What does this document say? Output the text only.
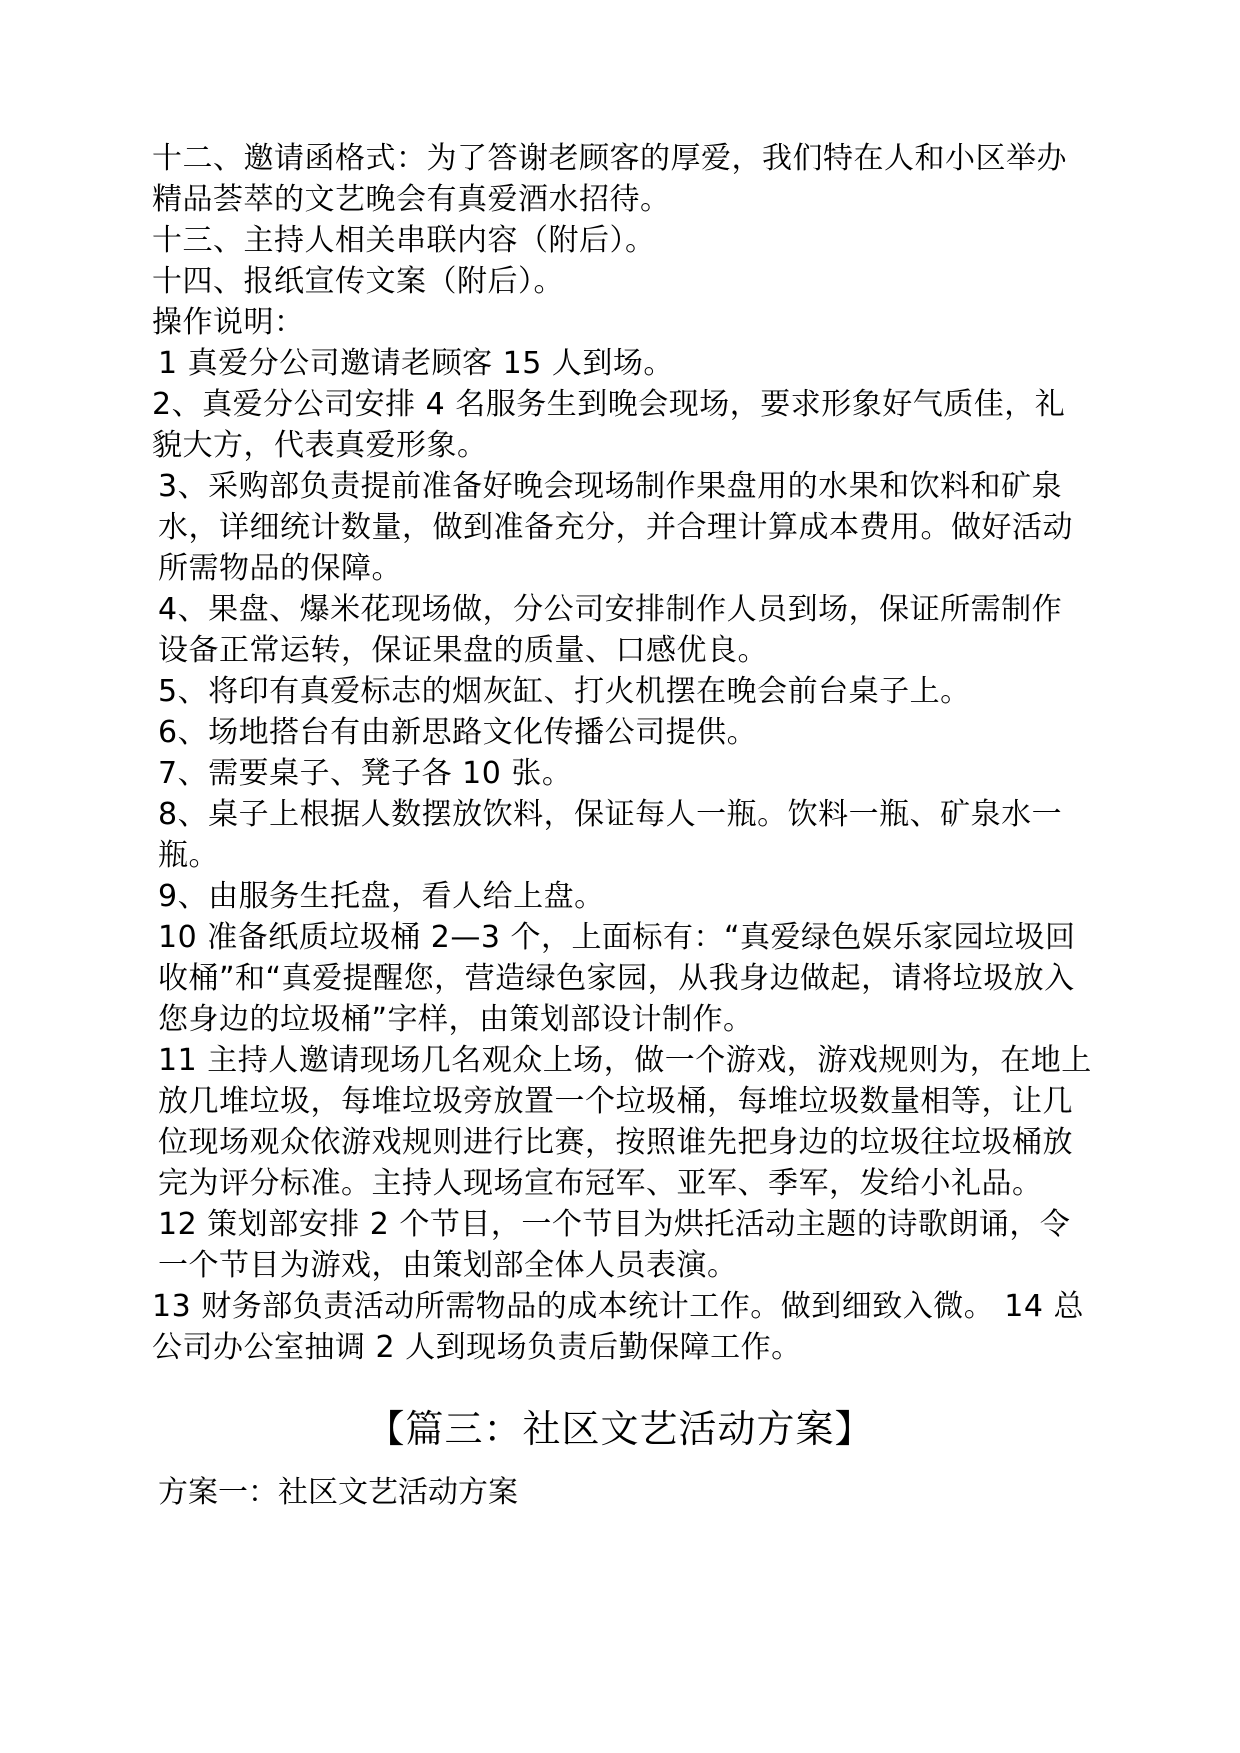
十二、邀请函格式：为了答谢老顾客的厚爱，我们特在人和小区举办精品荟萃的文艺晚会有真爱酒水招待。

十三、主持人相关串联内容（附后）。

十四、报纸宣传文案（附后）。

操作说明：

1 真爱分公司邀请老顾客 15 人到场。

2、真爱分公司安排 4 名服务生到晚会现场，要求形象好气质佳，礼貌大方，代表真爱形象。

3、采购部负责提前准备好晚会现场制作果盘用的水果和饮料和矿泉水，详细统计数量，做到准备充分，并合理计算成本费用。做好活动所需物品的保障。

4、果盘、爆米花现场做，分公司安排制作人员到场，保证所需制作设备正常运转，保证果盘的质量、口感优良。

5、将印有真爱标志的烟灰缸、打火机摆在晚会前台桌子上。

6、场地搭台有由新思路文化传播公司提供。

7、需要桌子、凳子各 10 张。

8、桌子上根据人数摆放饮料，保证每人一瓶。饮料一瓶、矿泉水一瓶。

9、由服务生托盘，看人给上盘。

10 准备纸质垃圾桶 2—3 个，上面标有：“真爱绿色娱乐家园垃圾回收桶”和“真爱提醒您，营造绿色家园，从我身边做起，请将垃圾放入您身边的垃圾桶”字样，由策划部设计制作。

11 主持人邀请现场几名观众上场，做一个游戏，游戏规则为，在地上放几堆垃圾，每堆垃圾旁放置一个垃圾桶，每堆垃圾数量相等，让几位现场观众依游戏规则进行比赛，按照谁先把身边的垃圾往垃圾桶放完为评分标准。主持人现场宣布冠军、亚军、季军，发给小礼品。

12 策划部安排 2 个节目，一个节目为烘托活动主题的诗歌朗诵，令一个节目为游戏，由策划部全体人员表演。

13 财务部负责活动所需物品的成本统计工作。做到细致入微。 14 总公司办公室抽调 2 人到现场负责后勤保障工作。

【篇三：社区文艺活动方案】
方案一：社区文艺活动方案
